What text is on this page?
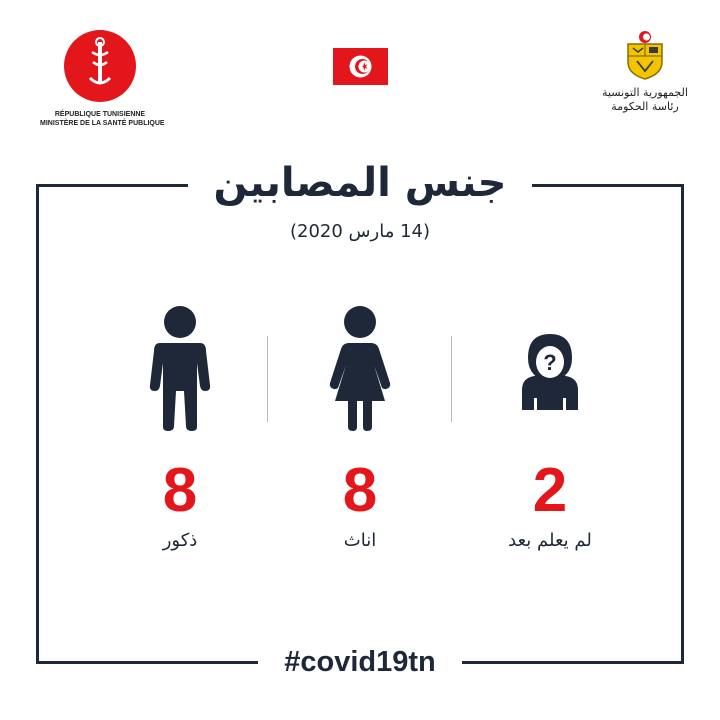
RÉPUBLIQUE TUNISIENNE
MINISTÈRE DE LA SANTÉ PUBLIQUE
الجمهورية التونسية
رئاسة الحكومة
جنس المصابين
(14 مارس 2020)
8
ذكور
8
اناث
?
2
لم يعلم بعد
#covid19tn
